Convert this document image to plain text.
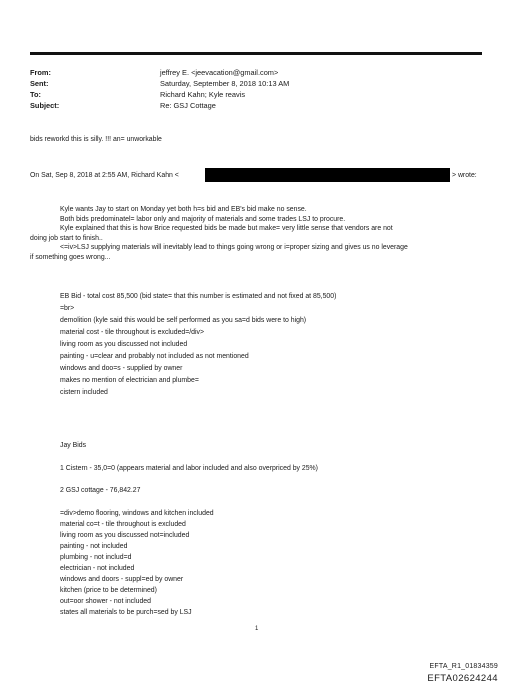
From:	jeffrey E. <jeevacation@gmail.com>
Sent:	Saturday, September 8, 2018 10:13 AM
To:	Richard Kahn; Kyle reavis
Subject:	Re: GSJ Cottage
bids reworkd this is silly. !!! an= unworkable
On Sat, Sep 8, 2018 at 2:55 AM, Richard Kahn <	> wrote:
Kyle wants Jay to start on Monday yet both h=s bid and EB's bid make no sense.
Both bids predominatel= labor only and majority of materials and some trades LSJ to procure.
Kyle explained that this is how Brice requested bids be made but make= very little sense that vendors are not
doing job start to finish..
<=iv>LSJ supplying materials will inevitably lead to things going wrong or i=proper sizing and gives us no leverage
if something goes wrong...
EB Bid - total cost 85,500 (bid state= that this number is estimated and not fixed at 85,500)
=br>
demolition (kyle said this would be self performed as you sa=d bids were to high)
material cost - tile throughout is excluded=/div>
living room as you discussed not included
painting - u=clear and probably not included as not mentioned
windows and doo=s - supplied by owner
makes no mention of electrician and plumbe=
cistern included
Jay Bids
1 Cistern - 35,0=0 (appears material and labor included and also overpriced by 25%)
2 GSJ cottage - 76,842.27
=div>demo flooring, windows and kitchen included
material co=t - tile throughout is excluded
living room as you discussed not=included
painting - not included
plumbing - not includ=d
electrician - not included
windows and doors - suppl=ed by owner
kitchen (price to be determined)
out=oor shower - not included
states all materials to be purch=sed by LSJ
1
EFTA_R1_01834359
EFTA02624244
